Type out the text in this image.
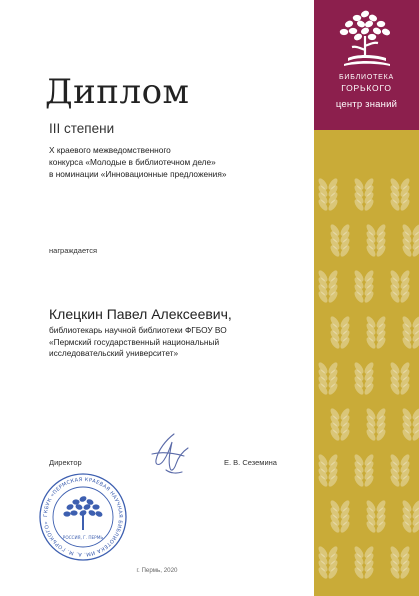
БИБЛИОТЕКА
ГОРЬКОГО
центр знаний
Диплом
III степени
X краевого межведомственного
конкурса «Молодые в библиотечном деле»
в номинации «Инновационные предложения»
награждается
Клецкин Павел Алексеевич,
библиотекарь научной библиотеки ФГБОУ ВО
«Пермский государственный национальный
исследовательский университет»
Директор	Е. В. Сеземина
ГКБУК «ПЕРМСКАЯ КРАЕВАЯ НАУЧНАЯ БИБЛИОТЕКА ИМ. А. М. ГОРЬКОГО»
РОССИЯ, Г. ПЕРМЬ
г. Пермь, 2020
